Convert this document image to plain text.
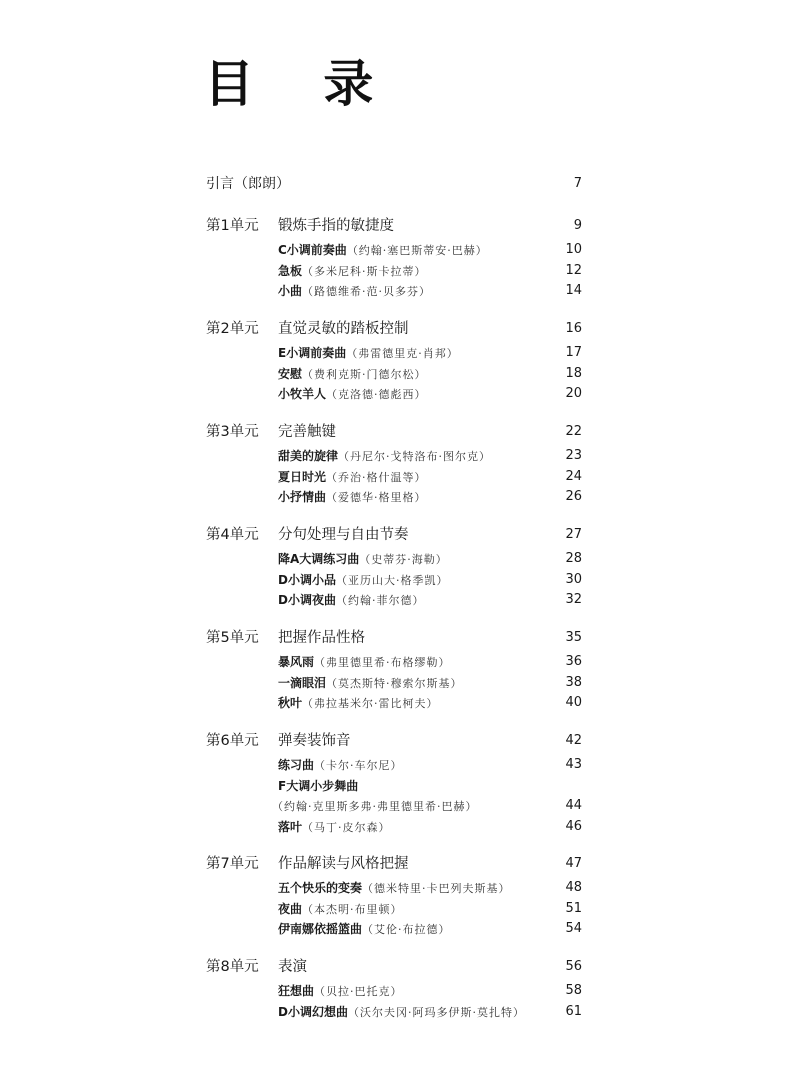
目 录
引言（郎朗）	7
第1单元 锻炼手指的敏捷度	9
C小调前奏曲（约翰·塞巴斯蒂安·巴赫）	10
急板（多米尼科·斯卡拉蒂）	12
小曲（路德维希·范·贝多芬）	14
第2单元 直觉灵敏的踏板控制	16
E小调前奏曲（弗雷德里克·肖邦）	17
安慰（费利克斯·门德尔松）	18
小牧羊人（克洛德·德彪西）	20
第3单元 完善触键	22
甜美的旋律（丹尼尔·戈特洛布·图尔克）	23
夏日时光（乔治·格什温等）	24
小抒情曲（爱德华·格里格）	26
第4单元 分句处理与自由节奏	27
降A大调练习曲（史蒂芬·海勒）	28
D小调小品（亚历山大·格季凯）	30
D小调夜曲（约翰·菲尔德）	32
第5单元 把握作品性格	35
暴风雨（弗里德里希·布格缪勒）	36
一滴眼泪（莫杰斯特·穆索尔斯基）	38
秋叶（弗拉基米尔·雷比柯夫）	40
第6单元 弹奏装饰音	42
练习曲（卡尔·车尔尼）	43
F大调小步舞曲
（约翰·克里斯多弗·弗里德里希·巴赫）	44
落叶（马丁·皮尔森）	46
第7单元 作品解读与风格把握	47
五个快乐的变奏（德米特里·卡巴列夫斯基）	48
夜曲（本杰明·布里顿）	51
伊南娜依摇篮曲（艾伦·布拉德）	54
第8单元 表演	56
狂想曲（贝拉·巴托克）	58
D小调幻想曲（沃尔夫冈·阿玛多伊斯·莫扎特）	61
